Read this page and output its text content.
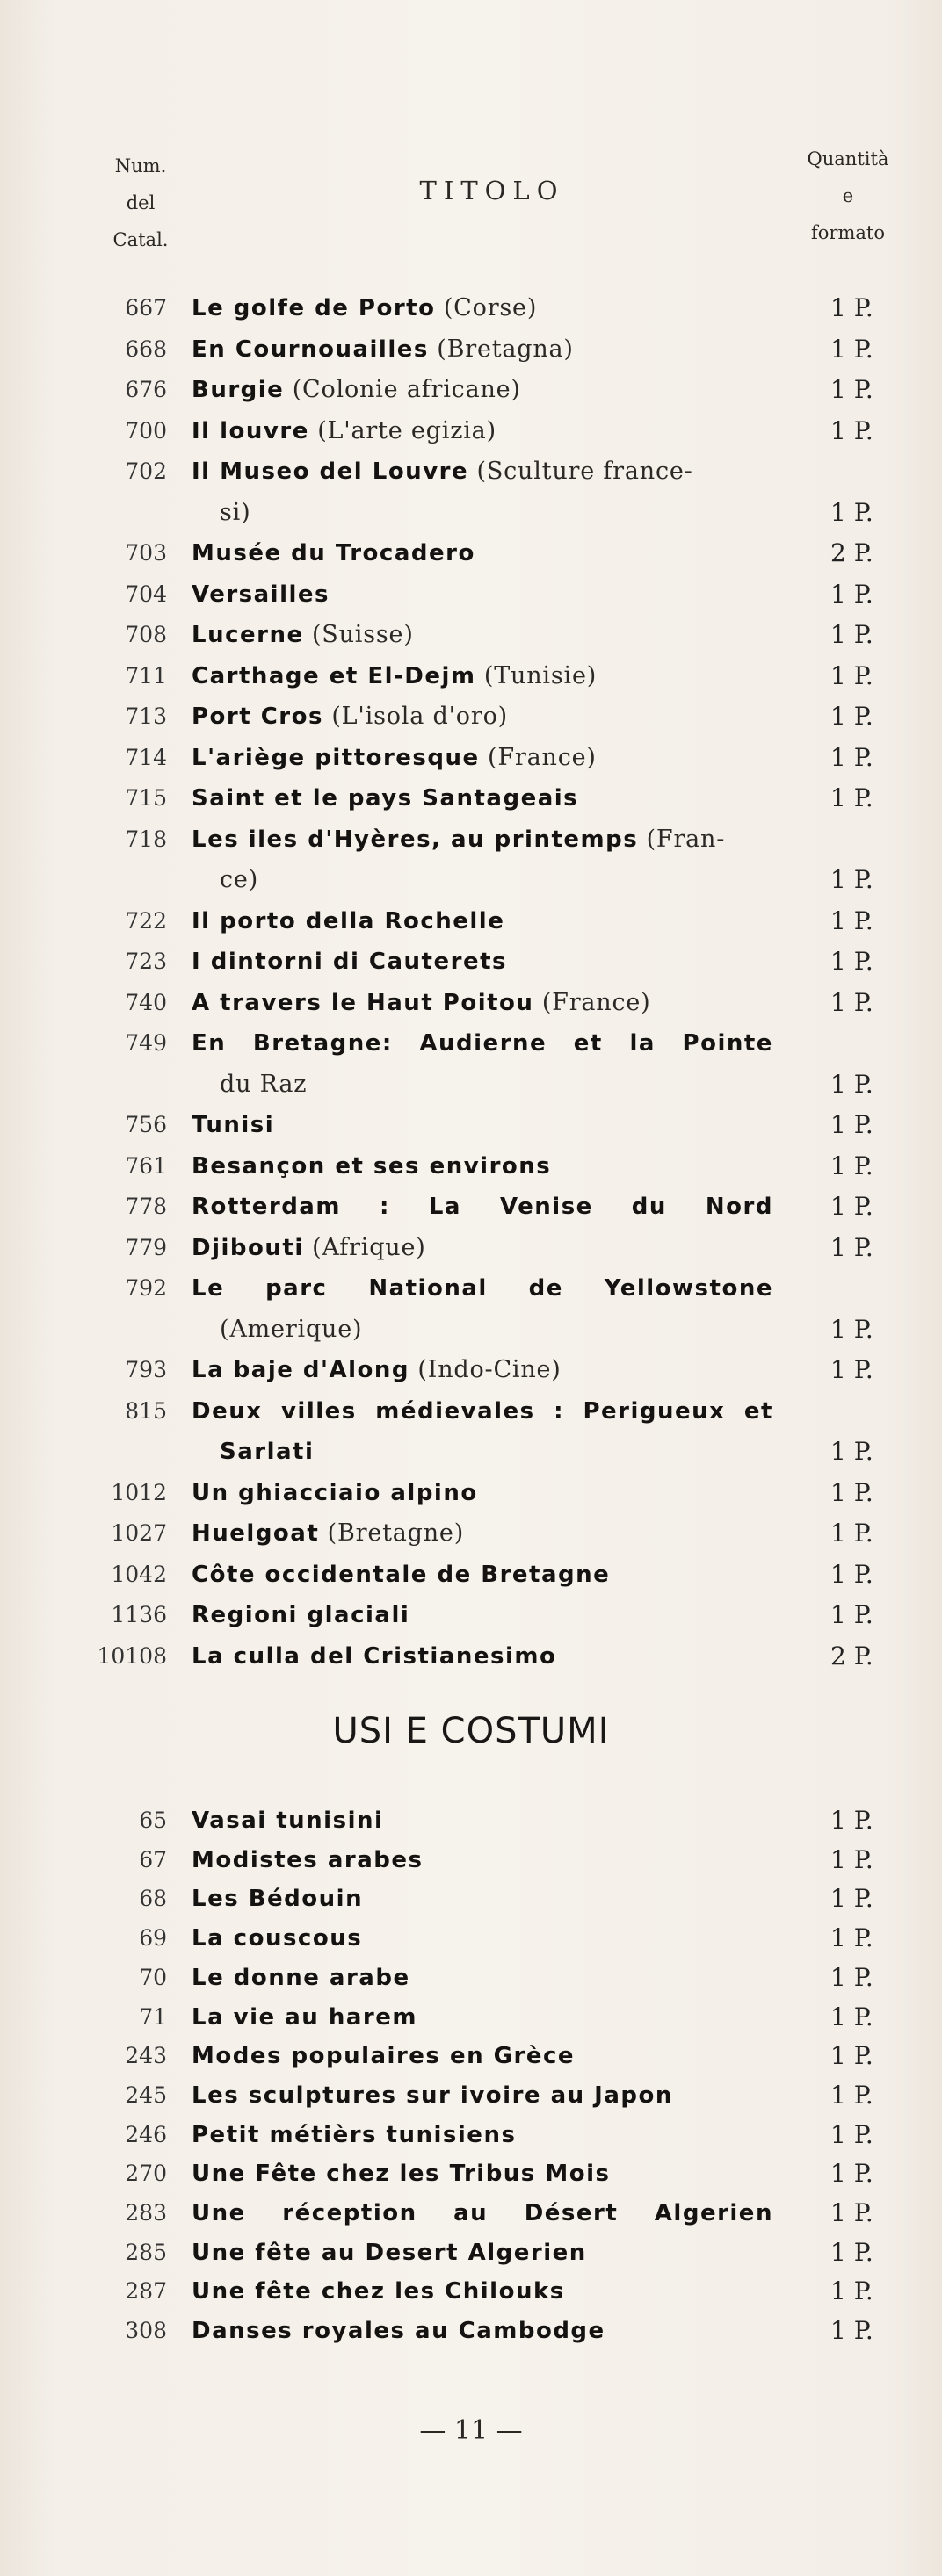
Num.
del
Catal.
TITOLO
Quantità
e
formato
667 Le golfe de Porto (Corse)	1 P.
668 En Cournouailles (Bretagna)	1 P.
676 Burgie (Colonie africane)	1 P.
700 Il louvre (L'arte egizia)	1 P.
702 Il Museo del Louvre (Sculture france-
si)	1 P.
703 Musée du Trocadero	2 P.
704 Versailles	1 P.
708 Lucerne (Suisse)	1 P.
711 Carthage et El-Dejm (Tunisie)	1 P.
713 Port Cros (L'isola d'oro)	1 P.
714 L'ariège pittoresque (France)	1 P.
715 Saint et le pays Santageais	1 P.
718 Les iles d'Hyères, au printemps (Fran-
ce)	1 P.
722 Il porto della Rochelle	1 P.
723 I dintorni di Cauterets	1 P.
740 A travers le Haut Poitou (France)	1 P.
749 En Bretagne: Audierne et la Pointe
du Raz	1 P.
756 Tunisi	1 P.
761 Besançon et ses environs	1 P.
778 Rotterdam : La Venise du Nord 1 P.
779 Djibouti (Afrique)	1 P.
792 Le parc National de Yellowstone
(Amerique)	1 P.
793 La baje d'Along (Indo-Cine)	1 P.
815 Deux villes médievales : Perigueux et
Sarlati	1 P.
1012 Un ghiacciaio alpino	1 P.
1027 Huelgoat (Bretagne)	1 P.
1042 Côte occidentale de Bretagne	1 P.
1136 Regioni glaciali	1 P.
10108 La culla del Cristianesimo	2 P.
USI E COSTUMI
65 Vasai tunisini	1 P.
67 Modistes arabes	1 P.
68 Les Bédouin	1 P.
69 La couscous	1 P.
70 Le donne arabe	1 P.
71 La vie au harem	1 P.
243 Modes populaires en Grèce	1 P.
245 Les sculptures sur ivoire au Japon	1 P.
246 Petit métièrs tunisiens	1 P.
270 Une Fête chez les Tribus Mois	1 P.
283 Une réception au Désert Algerien 1 P.
285 Une fête au Desert Algerien	1 P.
287 Une fête chez les Chilouks	1 P.
308 Danses royales au Cambodge	1 P.
— 11 —
